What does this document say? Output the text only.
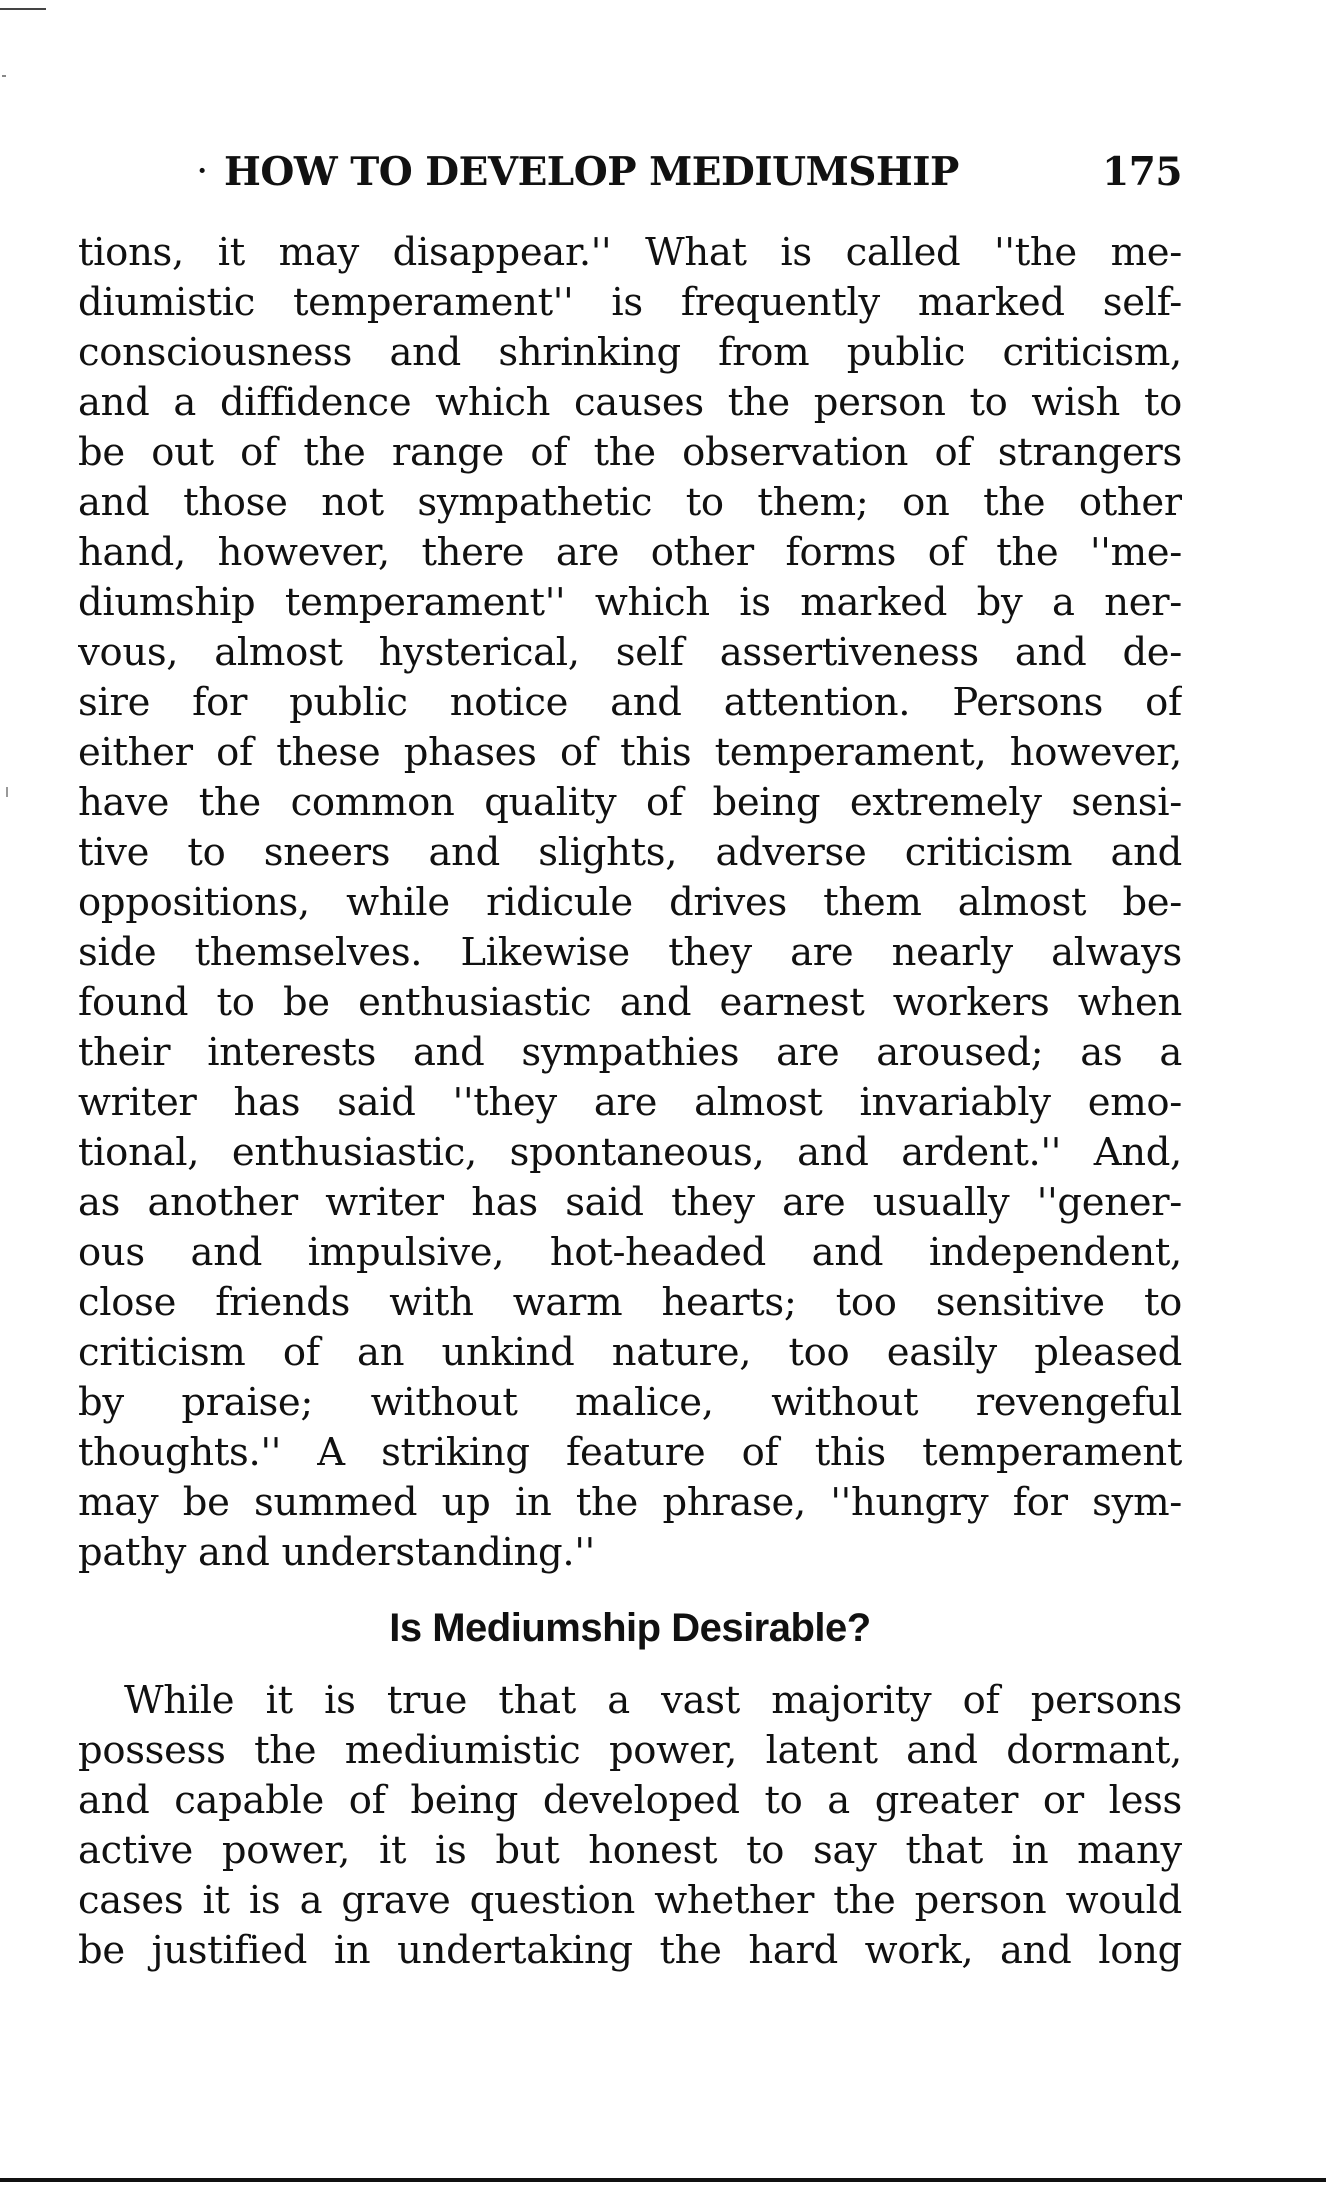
· HOW TO DEVELOP MEDIUMSHIP	175
tions, it may disappear.'' What is called ''the me-
diumistic temperament'' is frequently marked self-
consciousness and shrinking from public criticism,
and a diffidence which causes the person to wish to
be out of the range of the observation of strangers
and those not sympathetic to them; on the other
hand, however, there are other forms of the ''me-
diumship temperament'' which is marked by a ner-
vous, almost hysterical, self assertiveness and de-
sire for public notice and attention. Persons of
either of these phases of this temperament, however,
have the common quality of being extremely sensi-
tive to sneers and slights, adverse criticism and
oppositions, while ridicule drives them almost be-
side themselves. Likewise they are nearly always
found to be enthusiastic and earnest workers when
their interests and sympathies are aroused; as a
writer has said ''they are almost invariably emo-
tional, enthusiastic, spontaneous, and ardent.'' And,
as another writer has said they are usually ''gener-
ous and impulsive, hot-headed and independent,
close friends with warm hearts; too sensitive to
criticism of an unkind nature, too easily pleased
by praise; without malice, without revengeful
thoughts.'' A striking feature of this temperament
may be summed up in the phrase, ''hungry for sym-
pathy and understanding.''
Is Mediumship Desirable?
While it is true that a vast majority of persons
possess the mediumistic power, latent and dormant,
and capable of being developed to a greater or less
active power, it is but honest to say that in many
cases it is a grave question whether the person would
be justified in undertaking the hard work, and long
